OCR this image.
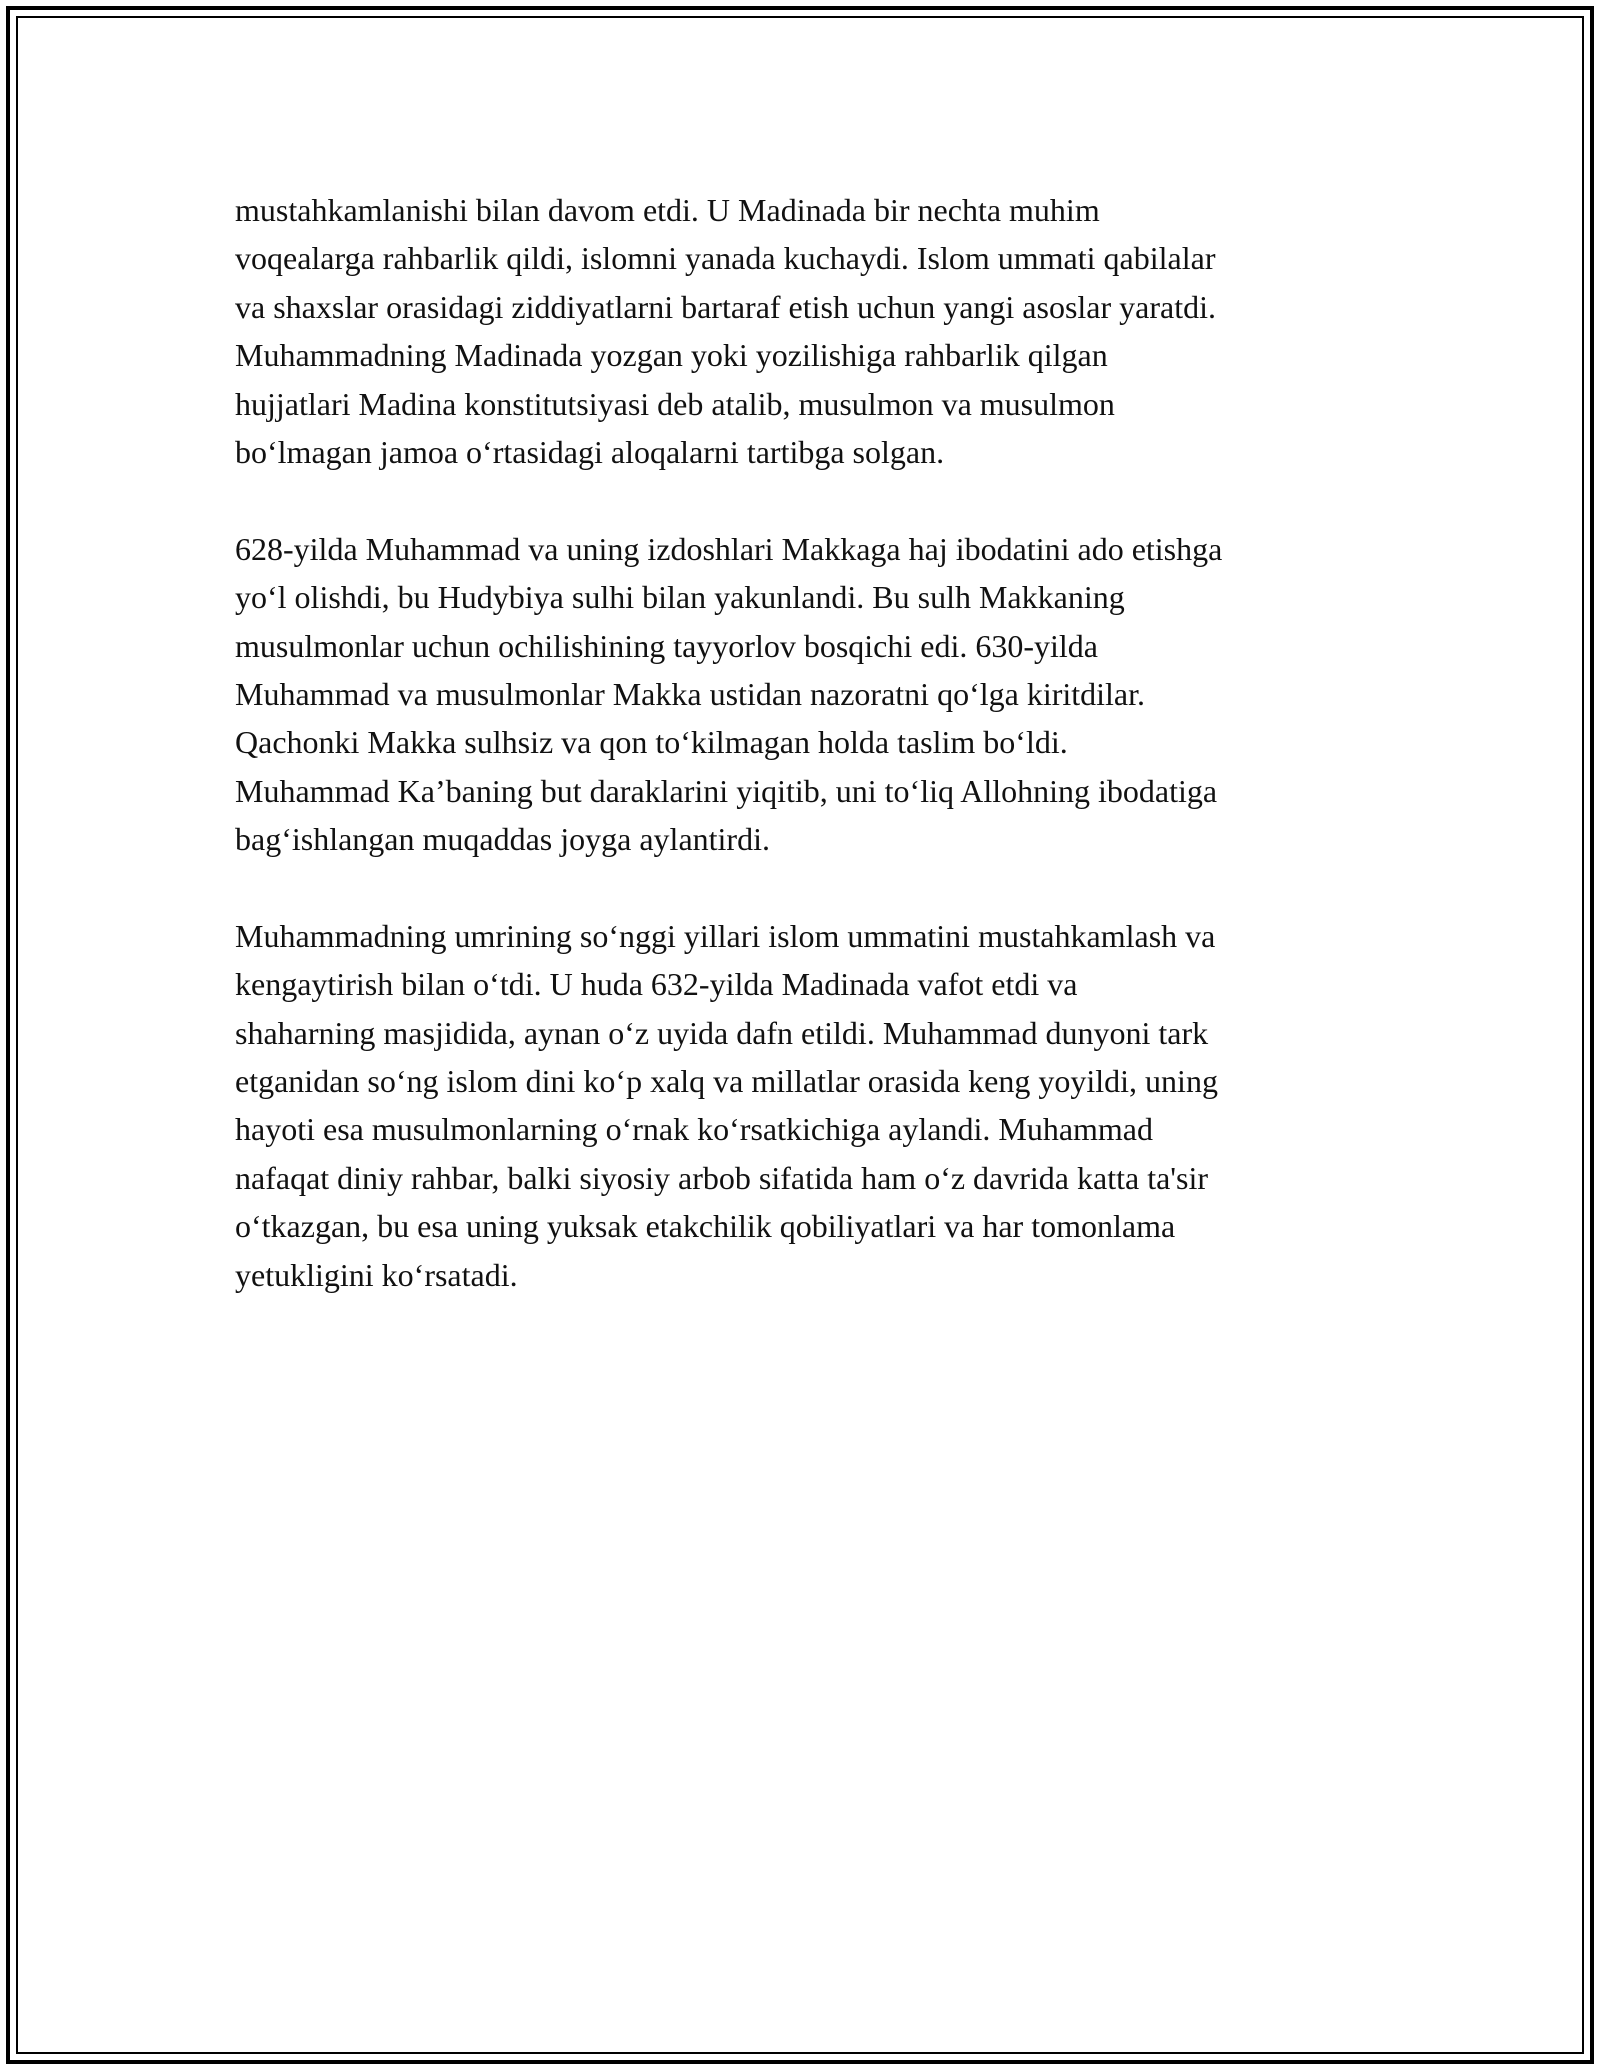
mustahkamlanishi bilan davom etdi. U Madinada bir nechta muhim
voqealarga rahbarlik qildi, islomni yanada kuchaydi. Islom ummati qabilalar
va shaxslar orasidagi ziddiyatlarni bartaraf etish uchun yangi asoslar yaratdi.
Muhammadning Madinada yozgan yoki yozilishiga rahbarlik qilgan
hujjatlari Madina konstitutsiyasi deb atalib, musulmon va musulmon
bo‘lmagan jamoa o‘rtasidagi aloqalarni tartibga solgan.
628-yilda Muhammad va uning izdoshlari Makkaga haj ibodatini ado etishga
yo‘l olishdi, bu Hudybiya sulhi bilan yakunlandi. Bu sulh Makkaning
musulmonlar uchun ochilishining tayyorlov bosqichi edi. 630-yilda
Muhammad va musulmonlar Makka ustidan nazoratni qo‘lga kiritdilar.
Qachonki Makka sulhsiz va qon to‘kilmagan holda taslim bo‘ldi.
Muhammad Ka’baning but daraklarini yiqitib, uni to‘liq Allohning ibodatiga
bag‘ishlangan muqaddas joyga aylantirdi.
Muhammadning umrining so‘nggi yillari islom ummatini mustahkamlash va
kengaytirish bilan o‘tdi. U huda 632-yilda Madinada vafot etdi va
shaharning masjidida, aynan o‘z uyida dafn etildi. Muhammad dunyoni tark
etganidan so‘ng islom dini ko‘p xalq va millatlar orasida keng yoyildi, uning
hayoti esa musulmonlarning o‘rnak ko‘rsatkichiga aylandi. Muhammad
nafaqat diniy rahbar, balki siyosiy arbob sifatida ham o‘z davrida katta ta'sir
o‘tkazgan, bu esa uning yuksak etakchilik qobiliyatlari va har tomonlama
yetukligini ko‘rsatadi.
